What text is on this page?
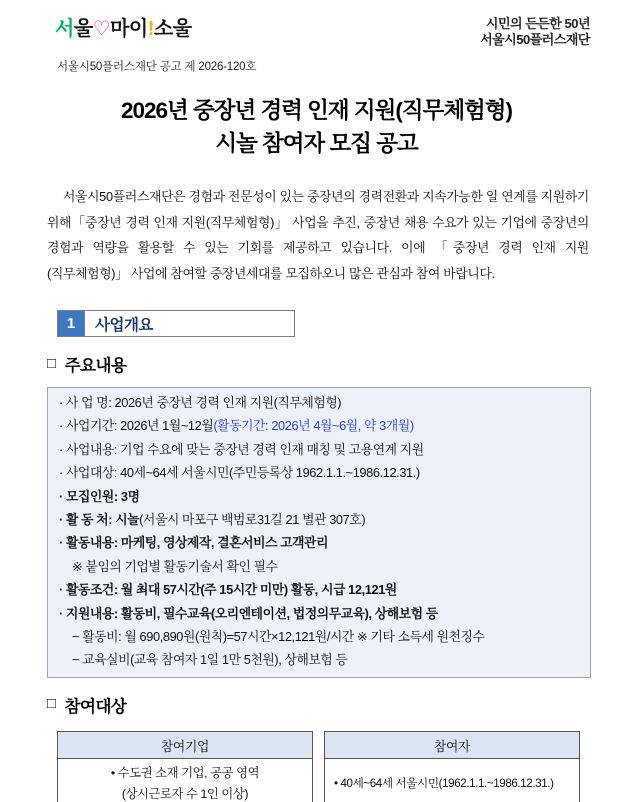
서울♡마이!소울	시민의 든든한 50년
서울시50플러스재단
서울시50플러스재단 공고 제 2026-120호
2026년 중장년 경력 인재 지원(직무체험형)
시놀 참여자 모집 공고

서울시50플러스재단은 경험과 전문성이 있는 중장년의 경력전환과 지속가능한 일 연계를 지원하기 위해「중장년 경력 인재 지원(직무체험형)」 사업을 추진, 중장년 채용 수요가 있는 기업에 중장년의 경험과 역량을 활용할 수 있는 기회를 제공하고 있습니다. 이에 「중장년 경력 인재 지원(직무체험형)」 사업에 참여할 중장년세대를 모집하오니 많은 관심과 참여 바랍니다.

1	사업개요
□ 주요내용
· 사 업 명: 2026년 중장년 경력 인재 지원(직무체험형)
· 사업기간: 2026년 1월~12월(활동기간: 2026년 4월~6월, 약 3개월)
· 사업내용: 기업 수요에 맞는 중장년 경력 인재 매칭 및 고용연계 지원
· 사업대상: 40세~64세 서울시민(주민등록상 1962.1.1.~1986.12.31.)
· 모집인원: 3명
· 활 동 처: 시놀(서울시 마포구 백범로31길 21 별관 307호)
· 활동내용: 마케팅, 영상제작, 결혼서비스 고객관리
※ 붙임의 기업별 활동기술서 확인 필수
· 활동조건: 월 최대 57시간(주 15시간 미만) 활동, 시급 12,121원
· 지원내용: 활동비, 필수교육(오리엔테이션, 법정의무교육), 상해보험 등
− 활동비: 월 690,890원(원칙)=57시간×12,121원/시간 ※ 기타 소득세 원천징수
− 교육실비(교육 참여자 1일 1만 5천원), 상해보험 등
□ 참여대상
참여기업
• 수도권 소재 기업, 공공 영역
(상시근로자 수 1인 이상)
참여자
• 40세~64세 서울시민(1962.1.1.~1986.12.31.)
